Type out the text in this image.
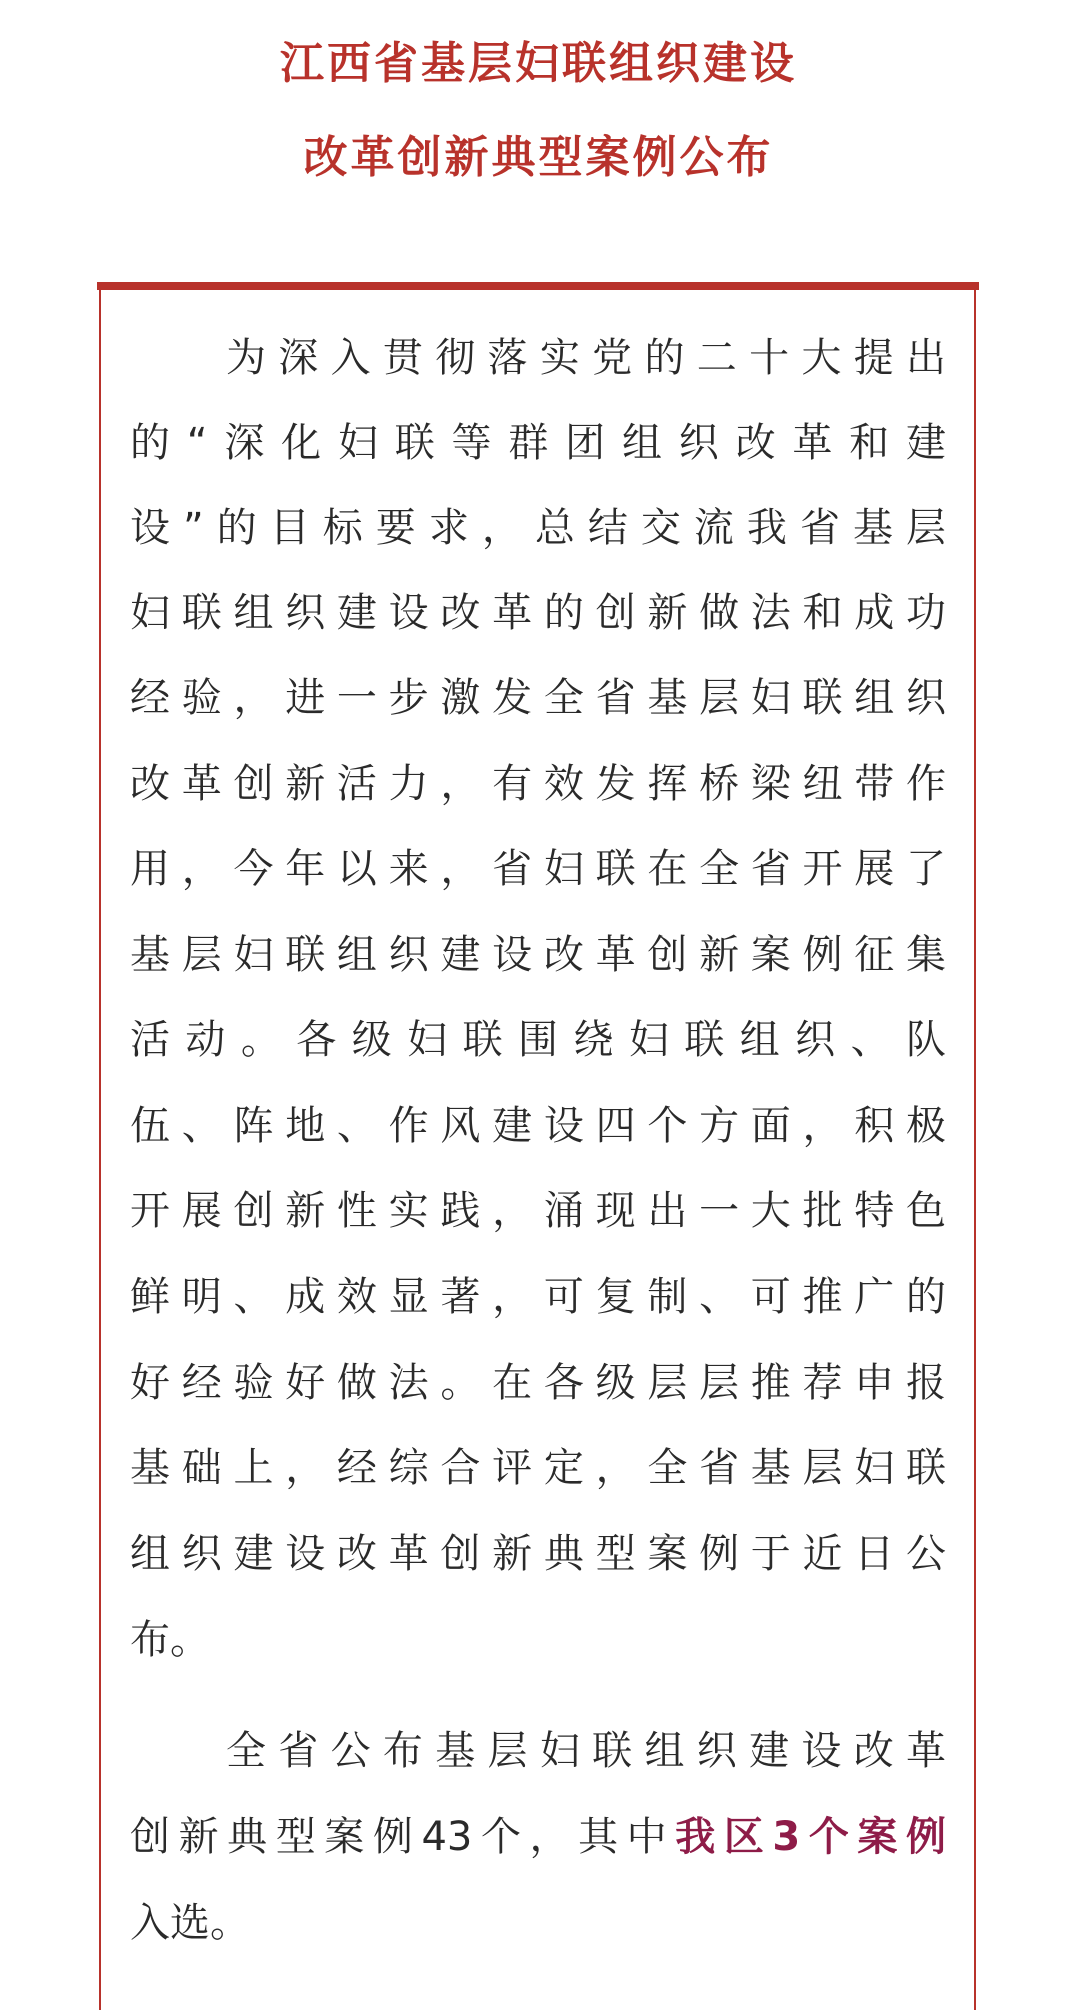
江西省基层妇联组织建设
改革创新典型案例公布
为深入贯彻落实党的二十大提出
的“深化妇联等群团组织改革和建
设”的目标要求，总结交流我省基层
妇联组织建设改革的创新做法和成功
经验，进一步激发全省基层妇联组织
改革创新活力，有效发挥桥梁纽带作
用，今年以来，省妇联在全省开展了
基层妇联组织建设改革创新案例征集
活动。各级妇联围绕妇联组织、队
伍、阵地、作风建设四个方面，积极
开展创新性实践，涌现出一大批特色
鲜明、成效显著，可复制、可推广的
好经验好做法。在各级层层推荐申报
基础上，经综合评定，全省基层妇联
组织建设改革创新典型案例于近日公
布。
全省公布基层妇联组织建设改革
创新典型案例43个，其中我区3个案例
入选。
